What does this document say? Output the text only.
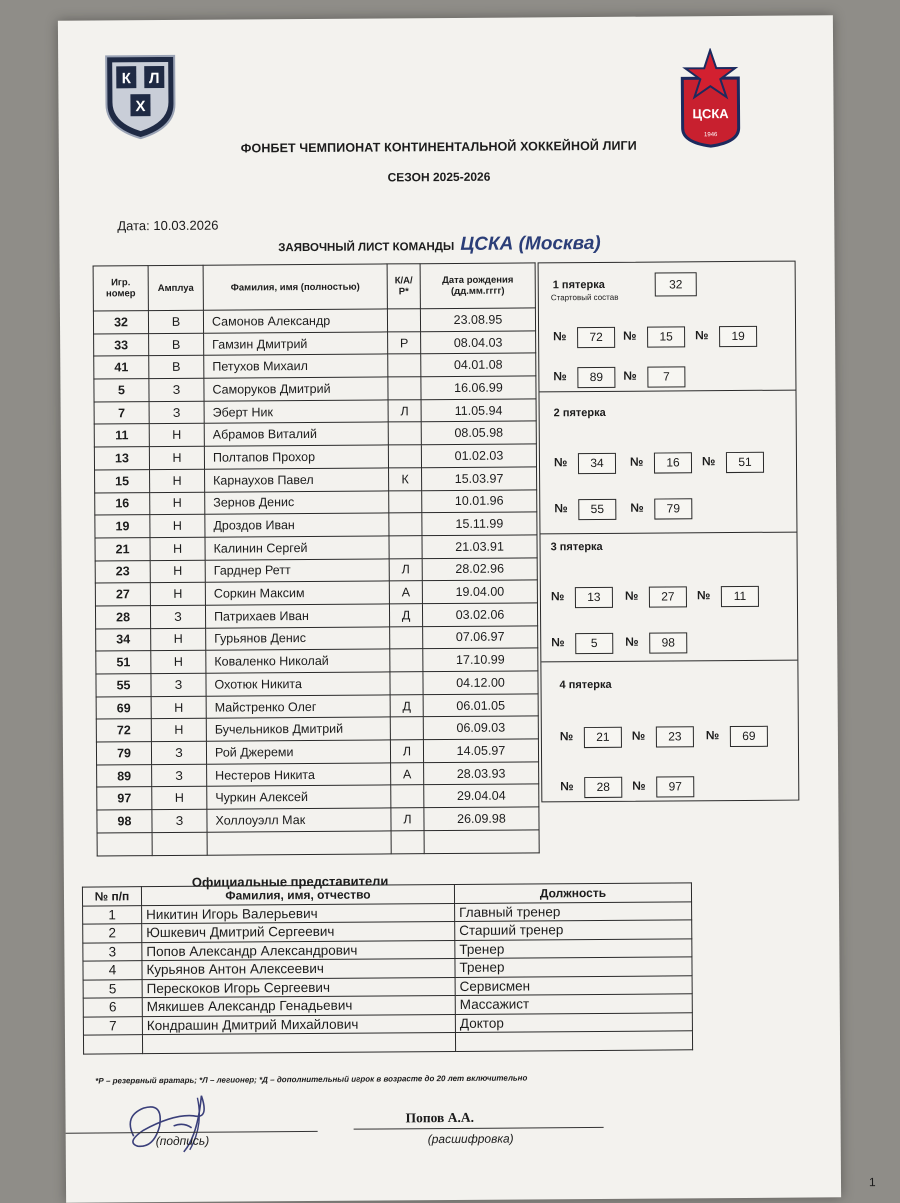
К Л
Х	ЦСКА
1946
ФОНБЕТ ЧЕМПИОНАТ КОНТИНЕНТАЛЬНОЙ ХОККЕЙНОЙ ЛИГИ
СЕЗОН 2025-2026
Дата: 10.03.2026
ЗАЯВОЧНЫЙ ЛИСТ КОМАНДЫ ЦСКА (Москва)
Игр. номер	Амплуа	Фамилия, имя (полностью)	К/А/Р*	Дата рождения (дд.мм.гггг)
32	В	Самонов Александр		23.08.95
33	В	Гамзин Дмитрий	Р	08.04.03
41	В	Петухов Михаил		04.01.08
5	З	Саморуков Дмитрий		16.06.99
7	З	Эберт Ник	Л	11.05.94
11	Н	Абрамов Виталий		08.05.98
13	Н	Полтапов Прохор		01.02.03
15	Н	Карнаухов Павел	К	15.03.97
16	Н	Зернов Денис		10.01.96
19	Н	Дроздов Иван		15.11.99
21	Н	Калинин Сергей		21.03.91
23	Н	Гарднер Ретт	Л	28.02.96
27	Н	Соркин Максим	А	19.04.00
28	З	Патрихаев Иван	Д	03.02.06
34	Н	Гурьянов Денис		07.06.97
51	Н	Коваленко Николай		17.10.99
55	З	Охотюк Никита		04.12.00
69	Н	Майстренко Олег	Д	06.01.05
72	Н	Бучельников Дмитрий		06.09.03
79	З	Рой Джереми	Л	14.05.97
89	З	Нестеров Никита	А	28.03.93
97	Н	Чуркин Алексей		29.04.04
98	З	Холлоуэлл Мак	Л	26.09.98

1 пятерка
Стартовый состав
32
2 пятерка
3 пятерка
4 пятерка
№	72	№	15	№	19
№	89	№	7
№	34	№	16	№	51
№	55	№	79
№	13	№	27	№	11
№	5	№	98
№	21	№	23	№	69
№	28	№	97
Официальные представители
№ п/п	Фамилия, имя, отчество	Должность
1	Никитин Игорь Валерьевич	Главный тренер
2	Юшкевич Дмитрий Сергеевич	Старший тренер
3	Попов Александр Александрович	Тренер
4	Курьянов Антон Алексеевич	Тренер
5	Перескоков Игорь Сергеевич	Сервисмен
6	Мякишев Александр Генадьевич	Массажист
7	Кондрашин Дмитрий Михайлович	Доктор

*Р – резервный вратарь; *Л – легионер; *Д – дополнительный игрок в возрасте до 20 лет включительно
(подпись)
Попов А.А.
(расшифровка)
1
